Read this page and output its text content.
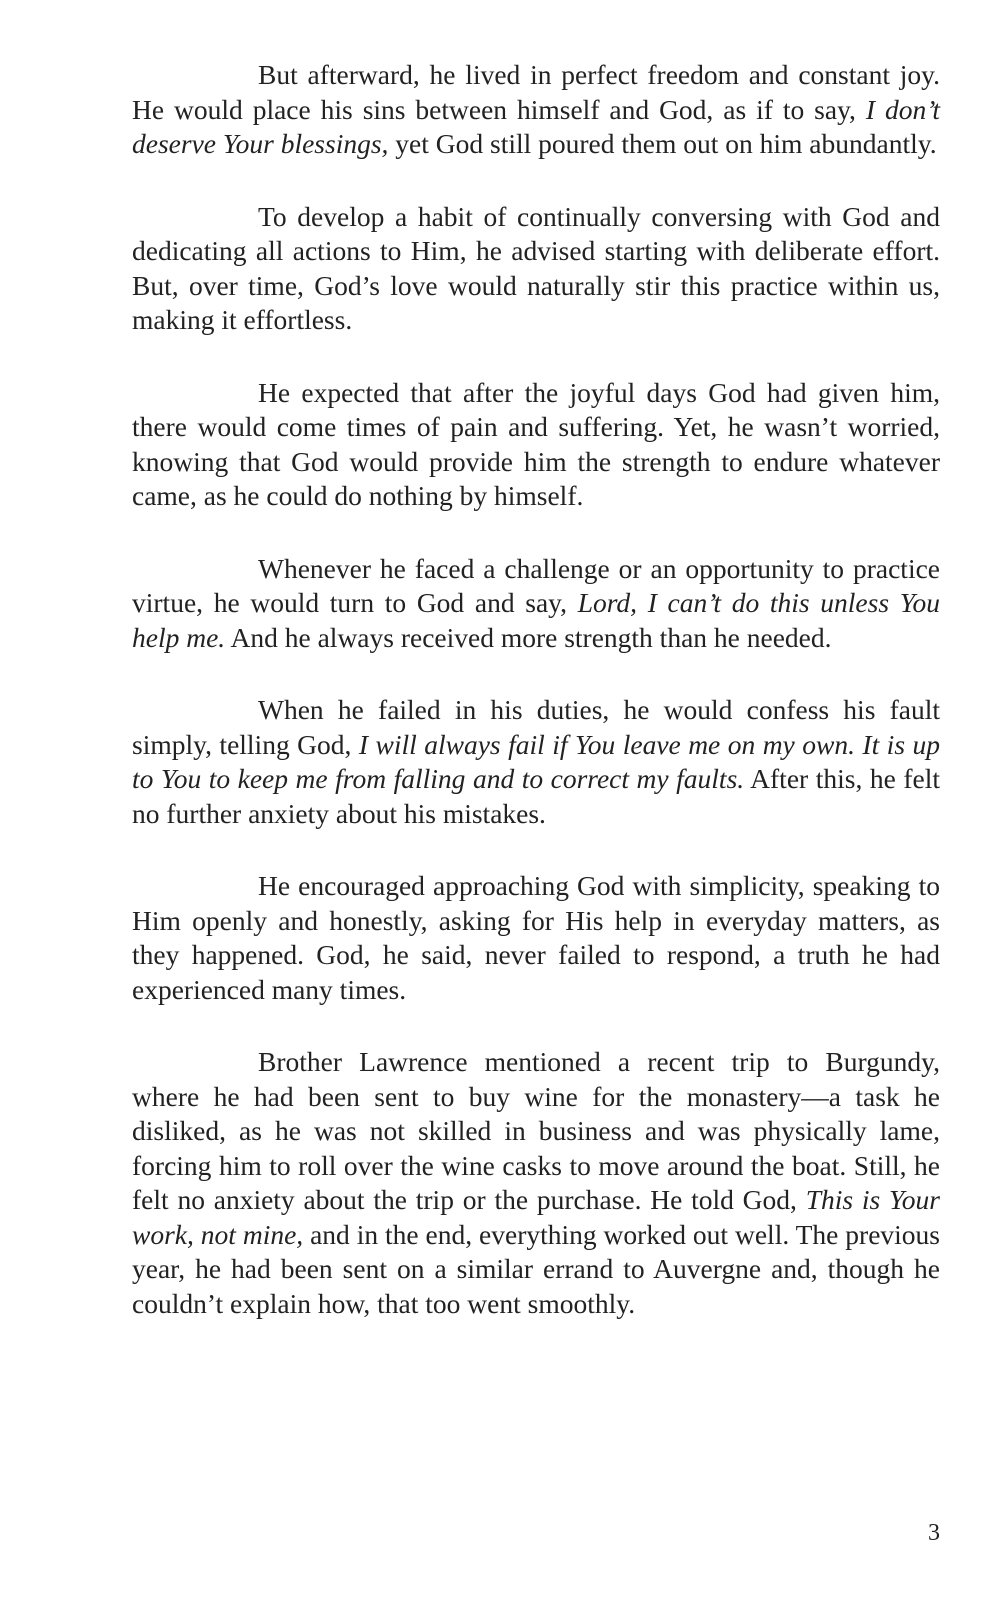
But afterward, he lived in perfect freedom and constant joy. He would place his sins between himself and God, as if to say, I don’t deserve Your blessings, yet God still poured them out on him abundantly.

To develop a habit of continually conversing with God and dedicating all actions to Him, he advised starting with deliberate effort. But, over time, God’s love would naturally stir this practice within us, making it effortless.

He expected that after the joyful days God had given him, there would come times of pain and suffering. Yet, he wasn’t worried, knowing that God would provide him the strength to endure whatever came, as he could do nothing by himself.

Whenever he faced a challenge or an opportunity to practice virtue, he would turn to God and say, Lord, I can’t do this unless You help me. And he always received more strength than he needed.

When he failed in his duties, he would confess his fault simply, telling God, I will always fail if You leave me on my own. It is up to You to keep me from falling and to correct my faults. After this, he felt no further anxiety about his mistakes.

He encouraged approaching God with simplicity, speaking to Him openly and honestly, asking for His help in everyday matters, as they happened. God, he said, never failed to respond, a truth he had experienced many times.

Brother Lawrence mentioned a recent trip to Burgundy, where he had been sent to buy wine for the monastery—a task he disliked, as he was not skilled in business and was physically lame, forcing him to roll over the wine casks to move around the boat. Still, he felt no anxiety about the trip or the purchase. He told God, This is Your work, not mine, and in the end, everything worked out well. The previous year, he had been sent on a similar errand to Auvergne and, though he couldn’t explain how, that too went smoothly.

3
